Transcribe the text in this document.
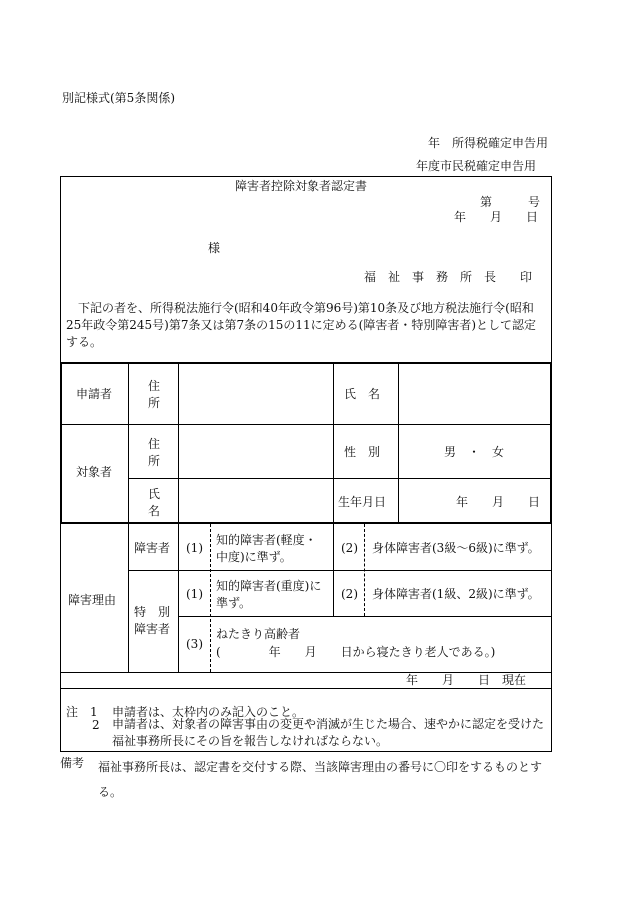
別記様式(第5条関係)
年　所得税確定申告用
年度市民税確定申告用
障害者控除対象者認定書
第　　　号
年　　月　　日
様
福　祉　事　務　所　長　　印
下記の者を、所得税法施行令(昭和40年政令第96号)第10条及び地方税法施行令(昭和25年政令第245号)第7条又は第7条の15の11に定める(障害者・特別障害者)として認定する。
申請者
住
所
氏　名
対象者
住
所
性　別	男　・　女
氏
名
生年月日	年　　月　　日
障害理由
障害者
特　別
障害者
(1)
知的障害者(軽度・中度)に準ず。
(2) 身体障害者(3級～6級)に準ず。
(1)
知的障害者(重度)に準ず。
(2) 身体障害者(1級、2級)に準ず。
(3)
ねたきり高齢者
(　　　　年　　月　　日から寝たきり老人である。)
年　　月　　日　現在
注　1 申請者は、太枠内のみ記入のこと。
2 申請者は、対象者の障害事由の変更や消滅が生じた場合、速やかに認定を受けた福祉事務所長にその旨を報告しなければならない。
備考 福祉事務所長は、認定書を交付する際、当該障害理由の番号に〇印をするものとする。
